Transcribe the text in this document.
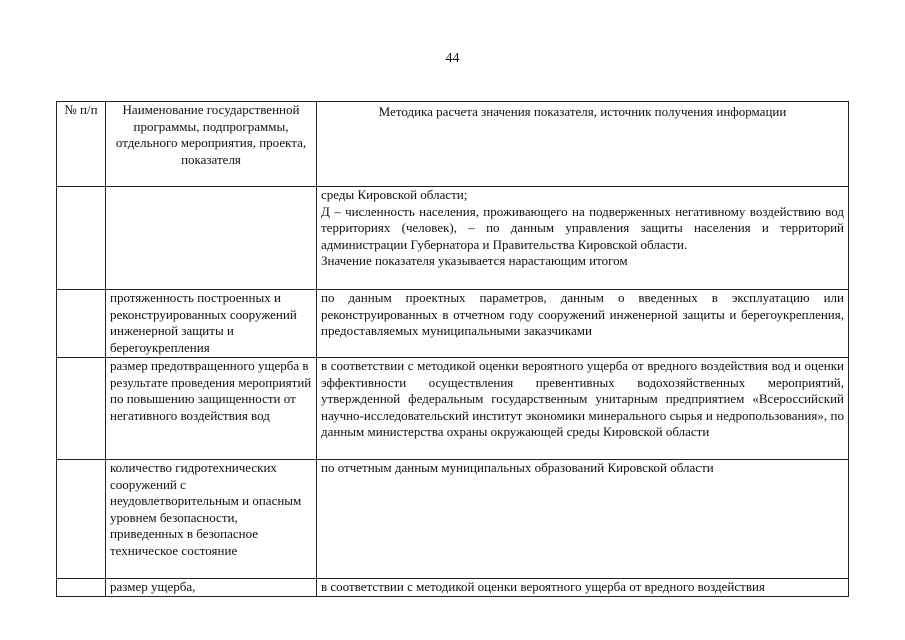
44
№ п/п	Наименование государственной программы, подпрограммы, отдельного мероприятия, проекта, показателя	Методика расчета значения показателя, источник получения информации

		среды Кировской области;
Д – численность населения, проживающего на подверженных негативному воздействию вод территориях (человек), – по данным управления защиты населения и территорий администрации Губернатора и Правительства Кировской области.
Значение показателя указывается нарастающим итогом

	протяженность построенных и реконструированных сооружений инженерной защиты и берегоукрепления	по данным проектных параметров, данным о введенных в эксплуатацию или реконструированных в отчетном году сооружений инженерной защиты и берегоукрепления, предоставляемых муниципальными заказчиками
	размер предотвращенного ущерба в результате проведения мероприятий по повышению защищенности от негативного воздействия вод	в соответствии с методикой оценки вероятного ущерба от вредного воздействия вод и оценки эффективности осуществления превентивных водохозяйственных мероприятий, утвержденной федеральным государственным унитарным предприятием «Всероссийский научно-исследовательский институт экономики минерального сырья и недропользования», по данным министерства охраны окружающей среды Кировской области
	количество гидротехнических сооружений с неудовлетворительным и опасным уровнем безопасности, приведенных в безопасное техническое состояние	по отчетным данным муниципальных образований Кировской области
	размер ущерба,	в соответствии с методикой оценки вероятного ущерба от вредного воздействия
